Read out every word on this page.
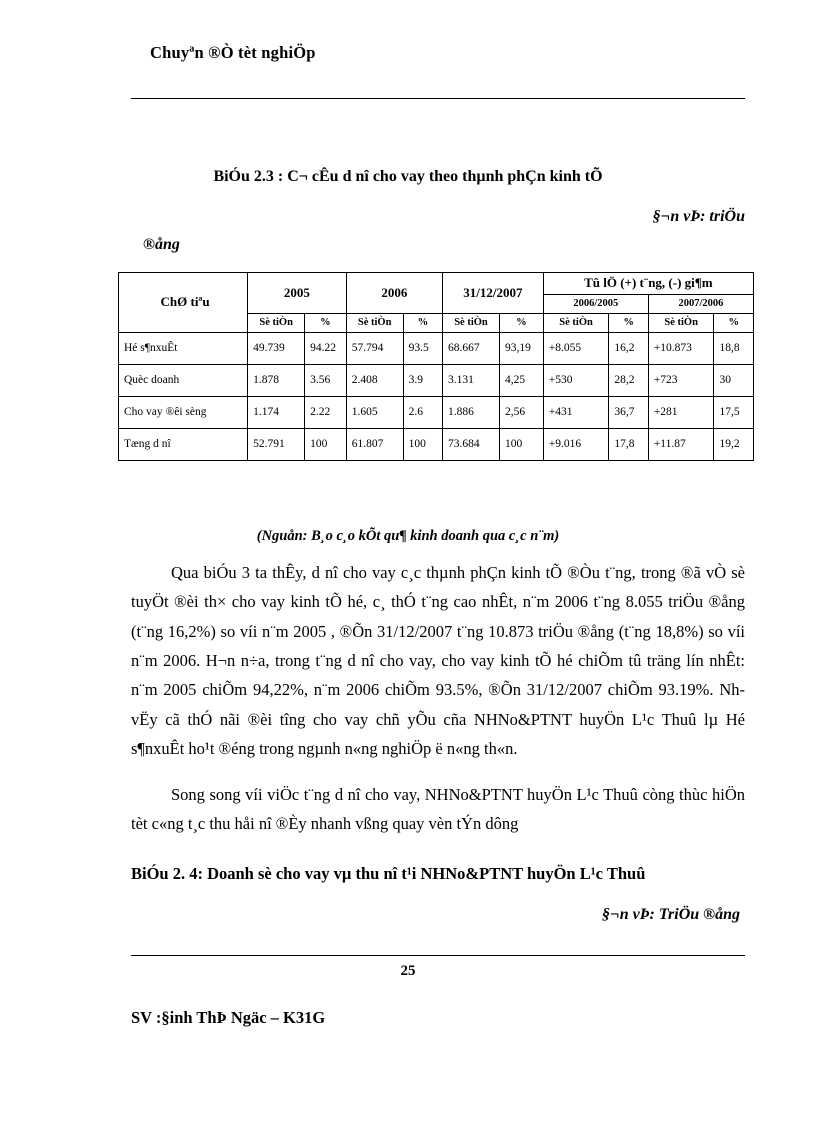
Chuyªn ®Ò tèt nghiÖp
BiÓu 2.3 : C¬ cÊu d nî cho vay theo thµnh phÇn kinh tÕ
§¬n vÞ: triÖu
®ång
ChØ tiªu	2005		2006		31/12/2007		Tû lÖ (+) t¨ng, (-) gi¶m			
							2006/2005		2007/2006	
	Sè tiÒn	%	Sè tiÒn	%	Sè tiÒn	%	Sè tiÒn	%	Sè tiÒn	%
Hé s¶nxuÊt	49.739	94.22	57.794	93.5	68.667	93,19	+8.055	16,2	+10.873	18,8
Quèc doanh	1.878	3.56	2.408	3.9	3.131	4,25	+530	28,2	+723	30
Cho vay ®êi sèng	1.174	2.22	1.605	2.6	1.886	2,56	+431	36,7	+281	17,5
Tæng d nî	52.791	100	61.807	100	73.684	100	+9.016	17,8	+11.87	19,2
(Nguån: B¸o c¸o kÕt qu¶ kinh doanh qua c¸c n¨m)
Qua biÓu 3 ta thÊy, d nî cho vay c¸c thµnh phÇn kinh tÕ ®Òu t¨ng, trong ®ã vÒ sè tuyÖt ®èi th× cho vay kinh tÕ hé, c¸ thÓ t¨ng cao nhÊt, n¨m 2006 t¨ng 8.055 triÖu ®ång (t¨ng 16,2%) so víi n¨m 2005 , ®Õn 31/12/2007 t¨ng 10.873 triÖu ®ång (t¨ng 18,8%) so víi n¨m 2006. H¬n n÷a, trong t¨ng d nî cho vay, cho vay kinh tÕ hé chiÕm tû träng lín nhÊt: n¨m 2005 chiÕm 94,22%, n¨m 2006 chiÕm 93.5%, ®Õn 31/12/2007 chiÕm 93.19%. Nh vËy cã thÓ nãi ®èi tîng cho vay chñ yÕu cña NHNo&PTNT huyÖn L¹c Thuû lµ Hé s¶nxuÊt ho¹t ®éng trong ngµnh n«ng nghiÖp ë n«ng th«n.
Song song víi viÖc t¨ng d nî cho vay, NHNo&PTNT huyÖn L¹c Thuû còng thùc hiÖn tèt c«ng t¸c thu håi nî ®Èy nhanh vßng quay vèn tÝn dông
BiÓu 2. 4: Doanh sè cho vay vµ thu nî t¹i NHNo&PTNT huyÖn L¹c Thuû
§¬n vÞ: TriÖu ®ång
25
SV :§inh ThÞ Ngäc – K31G
